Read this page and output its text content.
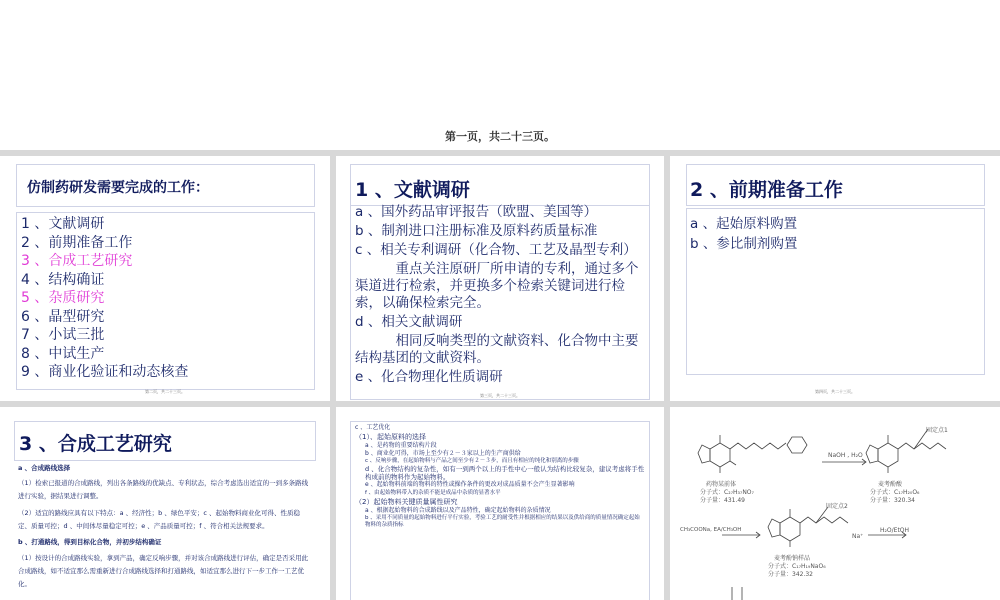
第一页，共二十三页。
仿制药研发需要完成的工作：
1 、文献调研
2 、前期准备工作
3 、合成工艺研究
4 、结构确证
5 、杂质研究
6 、晶型研究
7 、小试三批
8 、中试生产
9 、商业化验证和动态核查
第二页，共二十三页。
1 、文献调研
a 、国外药品审评报告（欧盟、美国等）
b 、制剂进口注册标准及原料药质量标准
c 、相关专利调研（化合物、工艺及晶型专利）
重点关注原研厂所申请的专利，通过多个渠道进行检索，并更换多个检索关键词进行检索，以确保检索完全。
d 、相关文献调研
相同反响类型的文献资料、化合物中主要结构基团的文献资料。
e 、化合物理化性质调研
第三页，共二十三页。
2 、前期准备工作
a 、起始原料购置
b 、参比制剂购置
第四页，共二十三页。
3 、合成工艺研究
a 、合成路线选择
（1）检索已报道的合成路线，列出各条路线的优缺点、专利状态，综合考虑选出适宜的一到多条路线进行实验，据结果进行调整。
（2）适宜的路线应具有以下特点：a 、经济性；b 、绿色平安；c 、起始物料商业化可得、性质稳定、质量可控；d 、中间体尽量稳定可控；e 、产品质量可控；f 、符合相关法规要求。
b 、打通路线，得到目标化合物，并初步结构确证
（1）按设计的合成路线实验，拿到产品，确定反响步骤，并对该合成路线进行评估，确定是否采用此合成路线，如不适宜那么需重新进行合成路线选择和打通路线，如适宜那么进行下一步工作一工艺优化。
c 、工艺优化
（1）、起始原料的选择
a 、是药物的重要结构片段
b 、商业化可得，市场上至少有２－３家以上的生产商供给
c 、反响步骤，在起始物料与产品之间至少有２－３步，而且有相应的纯化和别离的步骤
d 、化合物结构的复杂性，如有一到两个以上的手性中心一般认为结构比较复杂，建议考虑将手性构成前的物料作为起始物料。
e 、起始物料前端的物料的特性或操作条件的更改对成品质量不会产生显著影响
f 、由起始物料带入的杂质不能是成品中杂质的显著水平
（2）起始物料关键质量属性研究
a 、根据起始物料的合成路线以及产品特性，确定起始物料的杂质情况
b 、采用不同质量的起始物料进行平行实验，考验工艺的耐受性并根据相应的结果以及供给商的质量情况确定起始物料的杂质指标
NaOH , H₂O
药物某前体
分子式：C₂₇H₃₇NO₇
分子量：431.49
麦考酚酸
分子式：C₁₇H₂₀O₆
分子量：320.34
固定点1
固定点2
CH₃COONa, EA/CH₃OH
Na⁺
H₂O/EtOH
麦考酚钠样品
分子式：C₁₇H₁₉NaO₆
分子量：342.32
